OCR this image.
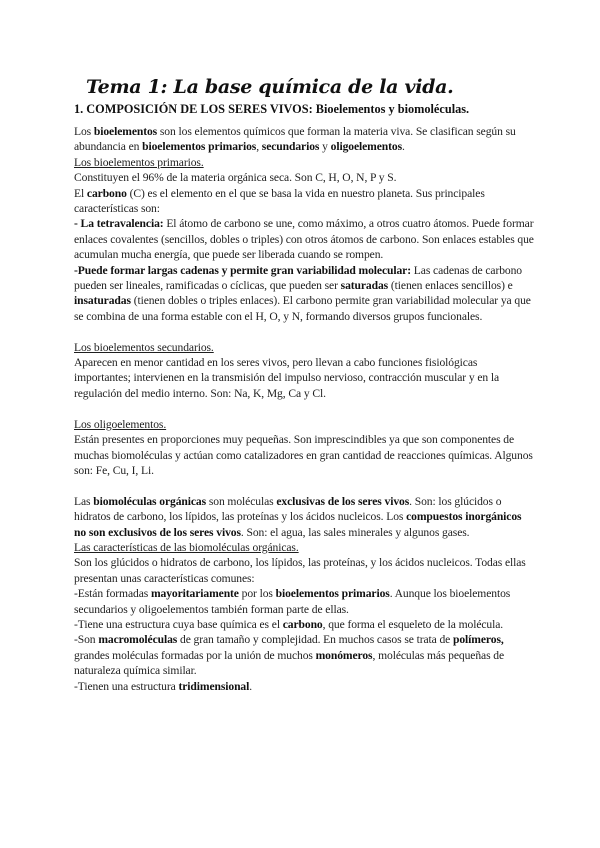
Tema 1: La base química de la vida.
1. COMPOSICIÓN DE LOS SERES VIVOS: Bioelementos y biomoléculas.

Los bioelementos son los elementos químicos que forman la materia viva. Se clasifican según su abundancia en bioelementos primarios, secundarios y oligoelementos.

Los bioelementos primarios.

Constituyen el 96% de la materia orgánica seca. Son C, H, O, N, P y S.

El carbono (C) es el elemento en el que se basa la vida en nuestro planeta. Sus principales características son:

- La tetravalencia: El átomo de carbono se une, como máximo, a otros cuatro átomos. Puede formar enlaces covalentes (sencillos, dobles o triples) con otros átomos de carbono. Son enlaces estables que acumulan mucha energía, que puede ser liberada cuando se rompen.

-Puede formar largas cadenas y permite gran variabilidad molecular: Las cadenas de carbono pueden ser lineales, ramificadas o cíclicas, que pueden ser saturadas (tienen enlaces sencillos) e insaturadas (tienen dobles o triples enlaces). El carbono permite gran variabilidad molecular ya que se combina de una forma estable con el H, O, y N, formando diversos grupos funcionales.

Los bioelementos secundarios.

Aparecen en menor cantidad en los seres vivos, pero llevan a cabo funciones fisiológicas importantes; intervienen en la transmisión del impulso nervioso, contracción muscular y en la regulación del medio interno. Son: Na, K, Mg, Ca y Cl.

Los oligoelementos.

Están presentes en proporciones muy pequeñas. Son imprescindibles ya que son componentes de muchas biomoléculas y actúan como catalizadores en gran cantidad de reacciones químicas. Algunos son: Fe, Cu, I, Li.

Las biomoléculas orgánicas son moléculas exclusivas de los seres vivos. Son: los glúcidos o hidratos de carbono, los lípidos, las proteínas y los ácidos nucleicos. Los compuestos inorgánicos no son exclusivos de los seres vivos. Son: el agua, las sales minerales y algunos gases.

Las características de las biomoléculas orgánicas.

Son los glúcidos o hidratos de carbono, los lípidos, las proteínas, y los ácidos nucleicos. Todas ellas presentan unas características comunes:

-Están formadas mayoritariamente por los bioelementos primarios. Aunque los bioelementos secundarios y oligoelementos también forman parte de ellas.

-Tiene una estructura cuya base química es el carbono, que forma el esqueleto de la molécula.

-Son macromoléculas de gran tamaño y complejidad. En muchos casos se trata de polímeros, grandes moléculas formadas por la unión de muchos monómeros, moléculas más pequeñas de naturaleza química similar.

-Tienen una estructura tridimensional.
